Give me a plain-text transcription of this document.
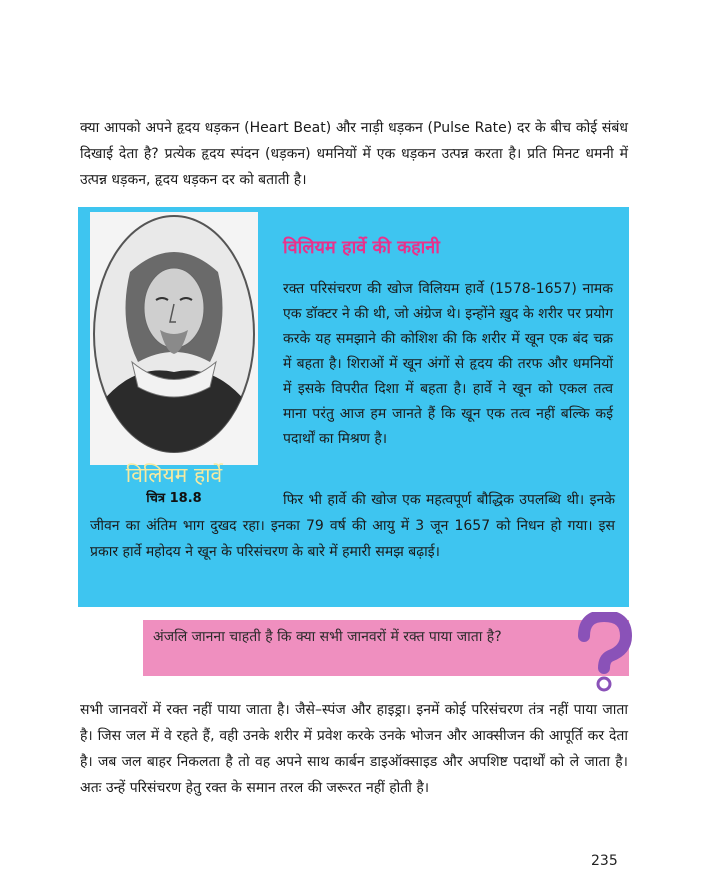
क्या आपको अपने हृदय धड़कन (Heart Beat) और नाड़ी धड़कन (Pulse Rate) दर के बीच कोई संबंध दिखाई देता है? प्रत्येक हृदय स्पंदन (धड़कन) धमनियों में एक धड़कन उत्पन्न करता है। प्रति मिनट धमनी में उत्पन्न धड़कन, हृदय धड़कन दर को बताती है।

विलियम हार्वे

चित्र 18.8

विलियम हार्वे की कहानी

रक्त परिसंचरण की खोज विलियम हार्वे (1578-1657) नामक एक डॉक्टर ने की थी, जो अंग्रेज थे। इन्होंने ख़ुद के शरीर पर प्रयोग करके यह समझाने की कोशिश की कि शरीर में खून एक बंद चक्र में बहता है। शिराओं में खून अंगों से हृदय की तरफ और धमनियों में इसके विपरीत दिशा में बहता है। हार्वे ने खून को एकल तत्व माना परंतु आज हम जानते हैं कि खून एक तत्व नहीं बल्कि कई पदार्थों का मिश्रण है।

फिर भी हार्वे की खोज एक महत्वपूर्ण बौद्धिक उपलब्धि थी। इनके जीवन का अंतिम भाग दुखद रहा। इनका 79 वर्ष की आयु में 3 जून 1657 को निधन हो गया। इस प्रकार हार्वे महोदय ने खून के परिसंचरण के बारे में हमारी समझ बढ़ाई।

अंजलि जानना चाहती है कि क्या सभी जानवरों में रक्त पाया जाता है?

सभी जानवरों में रक्त नहीं पाया जाता है। जैसे–स्पंज और हाइड्रा। इनमें कोई परिसंचरण तंत्र नहीं पाया जाता है। जिस जल में वे रहते हैं, वही उनके शरीर में प्रवेश करके उनके भोजन और आक्सीजन की आपूर्ति कर देता है। जब जल बाहर निकलता है तो वह अपने साथ कार्बन डाइऑक्साइड और अपशिष्ट पदार्थों को ले जाता है। अतः उन्हें परिसंचरण हेतु रक्त के समान तरल की जरूरत नहीं होती है।

235
